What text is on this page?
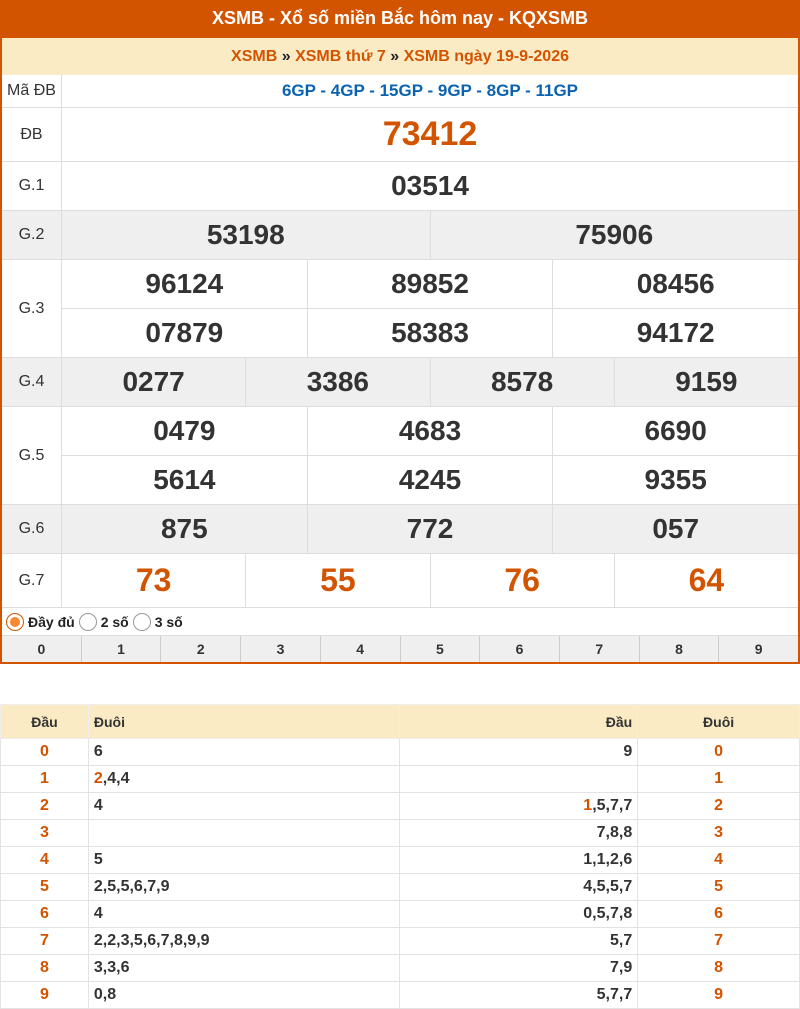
XSMB - Xổ số miền Bắc hôm nay - KQXSMB
XSMB » XSMB thứ 7 » XSMB ngày 19-9-2026
Mã ĐB	6GP - 4GP - 15GP - 9GP - 8GP - 11GP
ĐB	73412
G.1	03514
G.2	53198	75906
G.3
96124	89852	08456
07879	58383	94172
G.4	0277	3386	8578	9159
G.5
0479	4683	6690
5614	4245	9355
G.6	875	772	057
G.7	73	55	76	64
Đầy đủ 2 số 3 số
0	1	2	3	4	5	6	7	8	9
Đầu	Đuôi	Đầu	Đuôi
0	6	9	0
1	2,4,4		1
2	4	1,5,7,7	2
3		7,8,8	3
4	5	1,1,2,6	4
5	2,5,5,6,7,9	4,5,5,7	5
6	4	0,5,7,8	6
7	2,2,3,5,6,7,8,9,9	5,7	7
8	3,3,6	7,9	8
9	0,8	5,7,7	9
